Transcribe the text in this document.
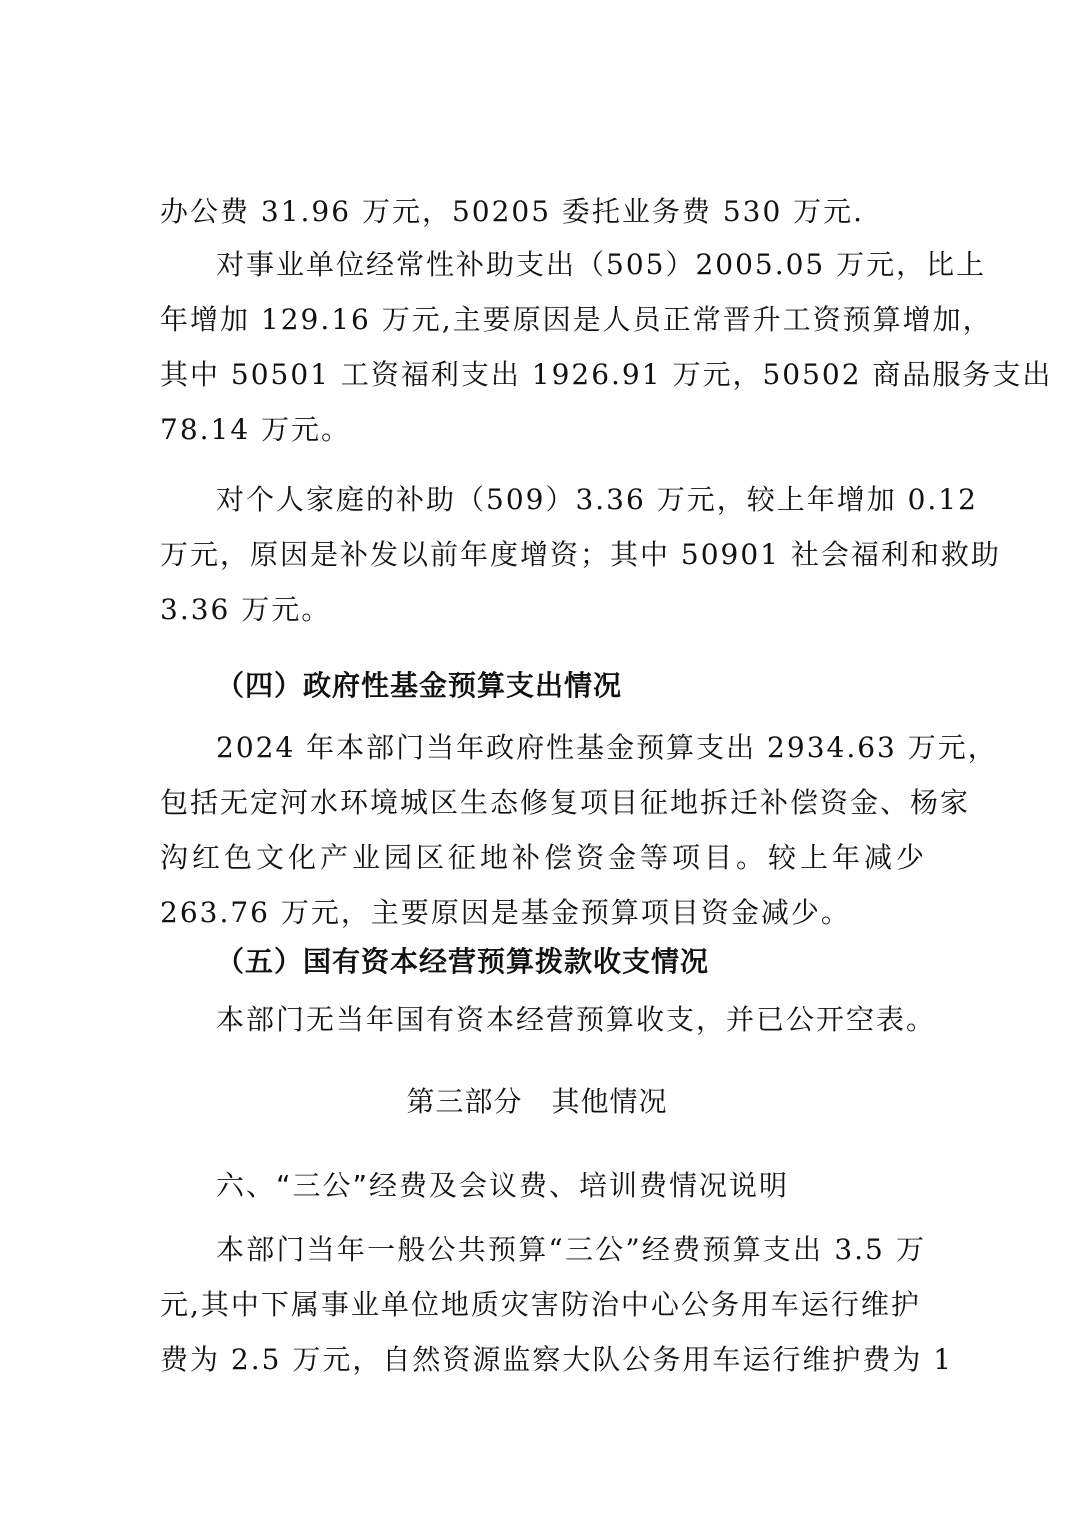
办公费 31.96 万元，50205 委托业务费 530 万元.
对事业单位经常性补助支出（505）2005.05 万元，比上
年增加 129.16 万元,主要原因是人员正常晋升工资预算增加，
其中 50501 工资福利支出 1926.91 万元，50502 商品服务支出
78.14 万元。
对个人家庭的补助（509）3.36 万元，较上年增加 0.12
万元，原因是补发以前年度增资；其中 50901 社会福利和救助
3.36 万元。
（四）政府性基金预算支出情况
2024 年本部门当年政府性基金预算支出 2934.63 万元，
包括无定河水环境城区生态修复项目征地拆迁补偿资金、杨家
沟红色文化产业园区征地补偿资金等项目。较上年减少
263.76 万元，主要原因是基金预算项目资金减少。
（五）国有资本经营预算拨款收支情况
本部门无当年国有资本经营预算收支，并已公开空表。
第三部分　其他情况
六、“三公”经费及会议费、培训费情况说明
本部门当年一般公共预算“三公”经费预算支出 3.5 万
元,其中下属事业单位地质灾害防治中心公务用车运行维护
费为 2.5 万元，自然资源监察大队公务用车运行维护费为 1
